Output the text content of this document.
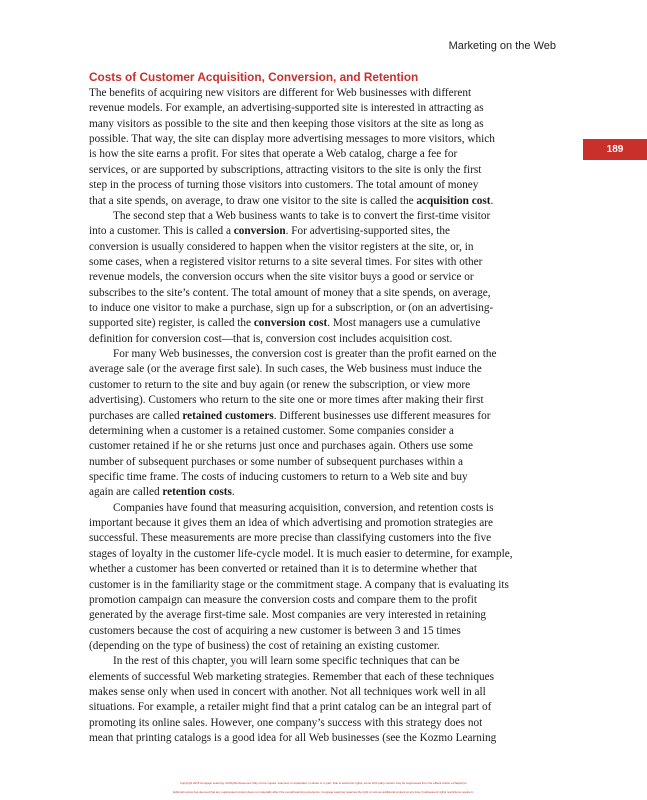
Marketing on the Web
189
Costs of Customer Acquisition, Conversion, and Retention
The benefits of acquiring new visitors are different for Web businesses with different
revenue models. For example, an advertising-supported site is interested in attracting as
many visitors as possible to the site and then keeping those visitors at the site as long as
possible. That way, the site can display more advertising messages to more visitors, which
is how the site earns a profit. For sites that operate a Web catalog, charge a fee for
services, or are supported by subscriptions, attracting visitors to the site is only the first
step in the process of turning those visitors into customers. The total amount of money
that a site spends, on average, to draw one visitor to the site is called the acquisition cost.
The second step that a Web business wants to take is to convert the first-time visitor
into a customer. This is called a conversion. For advertising-supported sites, the
conversion is usually considered to happen when the visitor registers at the site, or, in
some cases, when a registered visitor returns to a site several times. For sites with other
revenue models, the conversion occurs when the site visitor buys a good or service or
subscribes to the site’s content. The total amount of money that a site spends, on average,
to induce one visitor to make a purchase, sign up for a subscription, or (on an advertising-
supported site) register, is called the conversion cost. Most managers use a cumulative
definition for conversion cost—that is, conversion cost includes acquisition cost.
For many Web businesses, the conversion cost is greater than the profit earned on the
average sale (or the average first sale). In such cases, the Web business must induce the
customer to return to the site and buy again (or renew the subscription, or view more
advertising). Customers who return to the site one or more times after making their first
purchases are called retained customers. Different businesses use different measures for
determining when a customer is a retained customer. Some companies consider a
customer retained if he or she returns just once and purchases again. Others use some
number of subsequent purchases or some number of subsequent purchases within a
specific time frame. The costs of inducing customers to return to a Web site and buy
again are called retention costs.
Companies have found that measuring acquisition, conversion, and retention costs is
important because it gives them an idea of which advertising and promotion strategies are
successful. These measurements are more precise than classifying customers into the five
stages of loyalty in the customer life-cycle model. It is much easier to determine, for example,
whether a customer has been converted or retained than it is to determine whether that
customer is in the familiarity stage or the commitment stage. A company that is evaluating its
promotion campaign can measure the conversion costs and compare them to the profit
generated by the average first-time sale. Most companies are very interested in retaining
customers because the cost of acquiring a new customer is between 3 and 15 times
(depending on the type of business) the cost of retaining an existing customer.
In the rest of this chapter, you will learn some specific techniques that can be
elements of successful Web marketing strategies. Remember that each of these techniques
makes sense only when used in concert with another. Not all techniques work well in all
situations. For example, a retailer might find that a print catalog can be an integral part of
promoting its online sales. However, one company’s success with this strategy does not
mean that printing catalogs is a good idea for all Web businesses (see the Kozmo Learning
Copyright 2015 Cengage Learning. All Rights Reserved. May not be copied, scanned, or duplicated, in whole or in part. Due to electronic rights, some third party content may be suppressed from the eBook and/or eChapter(s).
Editorial review has deemed that any suppressed content does not materially affect the overall learning experience. Cengage Learning reserves the right to remove additional content at any time if subsequent rights restrictions require it.
